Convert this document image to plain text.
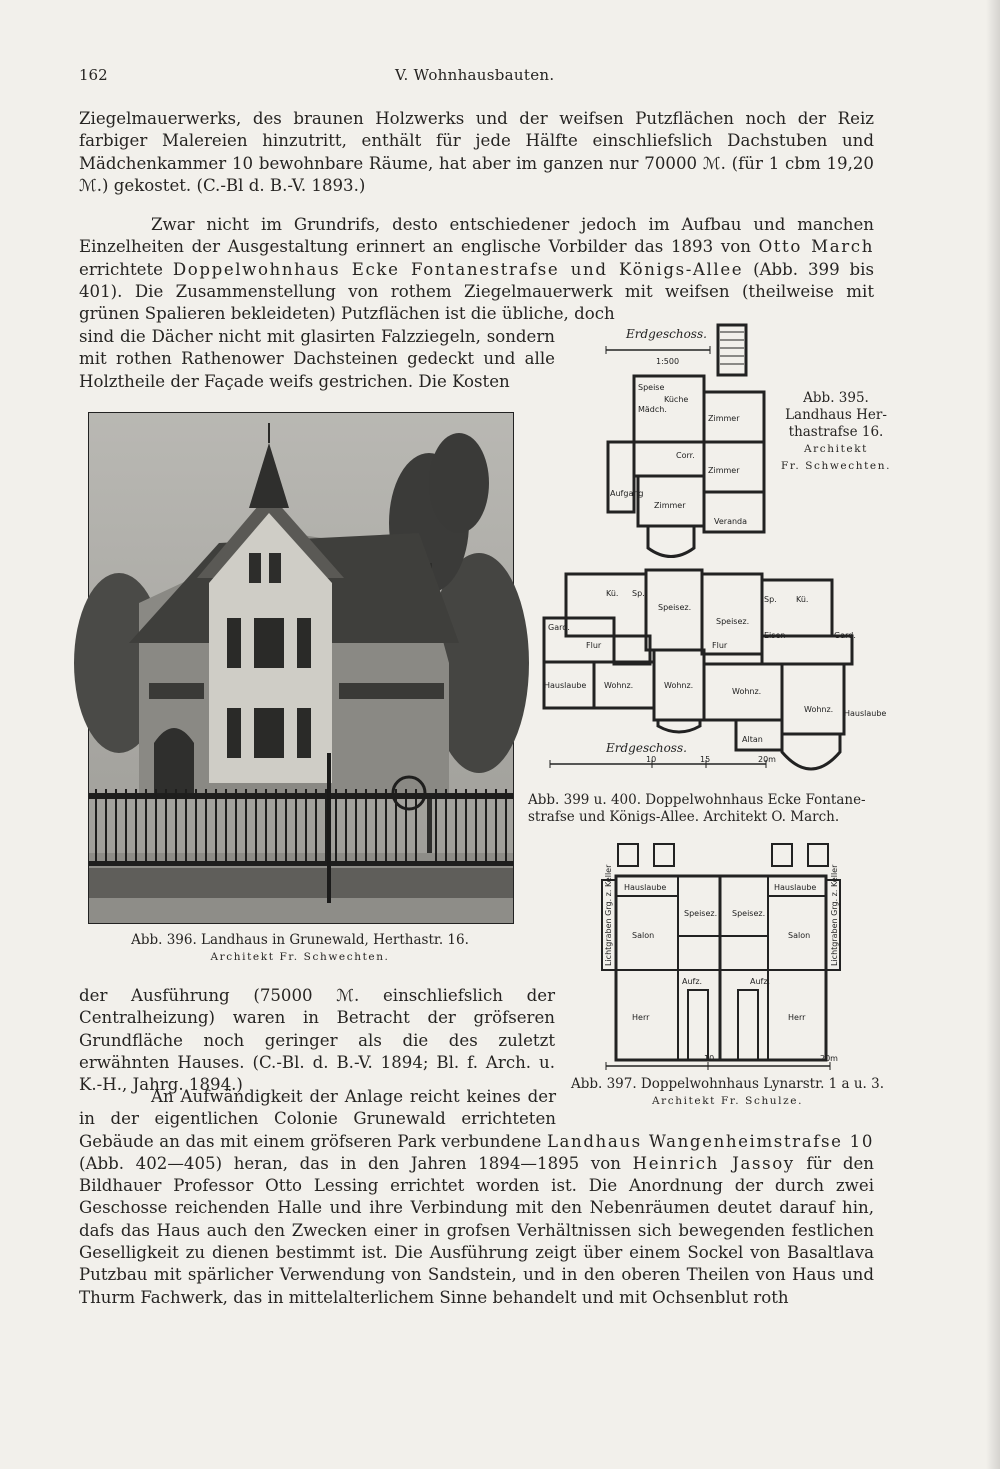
162	V. Wohnhausbauten.

Ziegelmauerwerks, des braunen Holzwerks und der weifsen Putzflächen noch der Reiz farbiger Malereien hinzutritt, enthält für jede Hälfte einschliefslich Dachstuben und Mädchenkammer 10 bewohnbare Räume, hat aber im ganzen nur 70000 ℳ. (für 1 cbm 19,20 ℳ.) gekostet. (C.-Bl d. B.-V. 1893.)

Zwar nicht im Grundrifs, desto entschiedener jedoch im Aufbau und manchen Einzelheiten der Ausgestaltung erinnert an englische Vorbilder das 1893 von Otto March errichtete Doppelwohnhaus Ecke Fontanestrafse und Königs-Allee (Abb. 399 bis 401). Die Zusammenstellung von rothem Ziegelmauerwerk mit weifsen (theilweise mit grünen Spalieren bekleideten) Putzflächen ist die übliche, doch

sind die Dächer nicht mit glasirten Falzziegeln, sondern mit rothen Rathenower Dachsteinen gedeckt und alle Holztheile der Façade weifs gestrichen. Die Kosten

Abb. 396. Landhaus in Grunewald, Herthastr. 16.
Architekt Fr. Schwechten.
Erdgeschoss.
1:500
Speise
Küche
Mädch.
Zimmer
Corr.
Zimmer
Aufgang
Zimmer
Veranda
Abb. 395.
Landhaus Her-
thastrafse 16.
Architekt
Fr. Schwechten.
Kü. Sp.
Speisez.
Speisez.
Sp. Kü.
Gard.
Flur	Flur
Eisen	Gard.
Hauslaube Wohnz.	Wohnz.
Wohnz.
Wohnz. Hauslaube
Altan
Erdgeschoss.
10	15	20m
Abb. 399 u. 400. Doppelwohnhaus Ecke Fontane-
strafse und Königs-Allee. Architekt O. March.

der Ausführung (75000 ℳ. einschliefslich der Centralheizung) waren in Betracht der gröfseren Grundfläche noch geringer als die des zuletzt erwähnten Hauses. (C.-Bl. d. B.-V. 1894; Bl. f. Arch. u. K.-H., Jahrg. 1894.)

Hauslaube	Hauslaube
Speisez. Speisez.
Salon	Salon
Aufz.	Aufz.
Herr	Herr
Lichtgraben Grg. z. Keller	Lichtgraben Grg. z. Keller
10	20m
Abb. 397. Doppelwohnhaus Lynarstr. 1 a u. 3.
Architekt Fr. Schulze.

An Aufwändigkeit der Anlage reicht keines der in der eigentlichen Colonie Grunewald errichteten Gebäude an das mit einem gröfseren Park verbundene Landhaus Wangenheimstrafse 10 (Abb. 402—405) heran, das in den Jahren 1894—1895 von Heinrich Jassoy für den Bildhauer Professor Otto Lessing errichtet worden ist. Die Anordnung der durch zwei Geschosse reichenden Halle und ihre Verbindung mit den Nebenräumen deutet darauf hin, dafs das Haus auch den Zwecken einer in grofsen Verhältnissen sich bewegenden festlichen Geselligkeit zu dienen bestimmt ist. Die Ausführung zeigt über einem Sockel von Basaltlava Putzbau mit spärlicher Verwendung von Sandstein, und in den oberen Theilen von Haus und Thurm Fachwerk, das in mittelalterlichem Sinne behandelt und mit Ochsenblut roth
